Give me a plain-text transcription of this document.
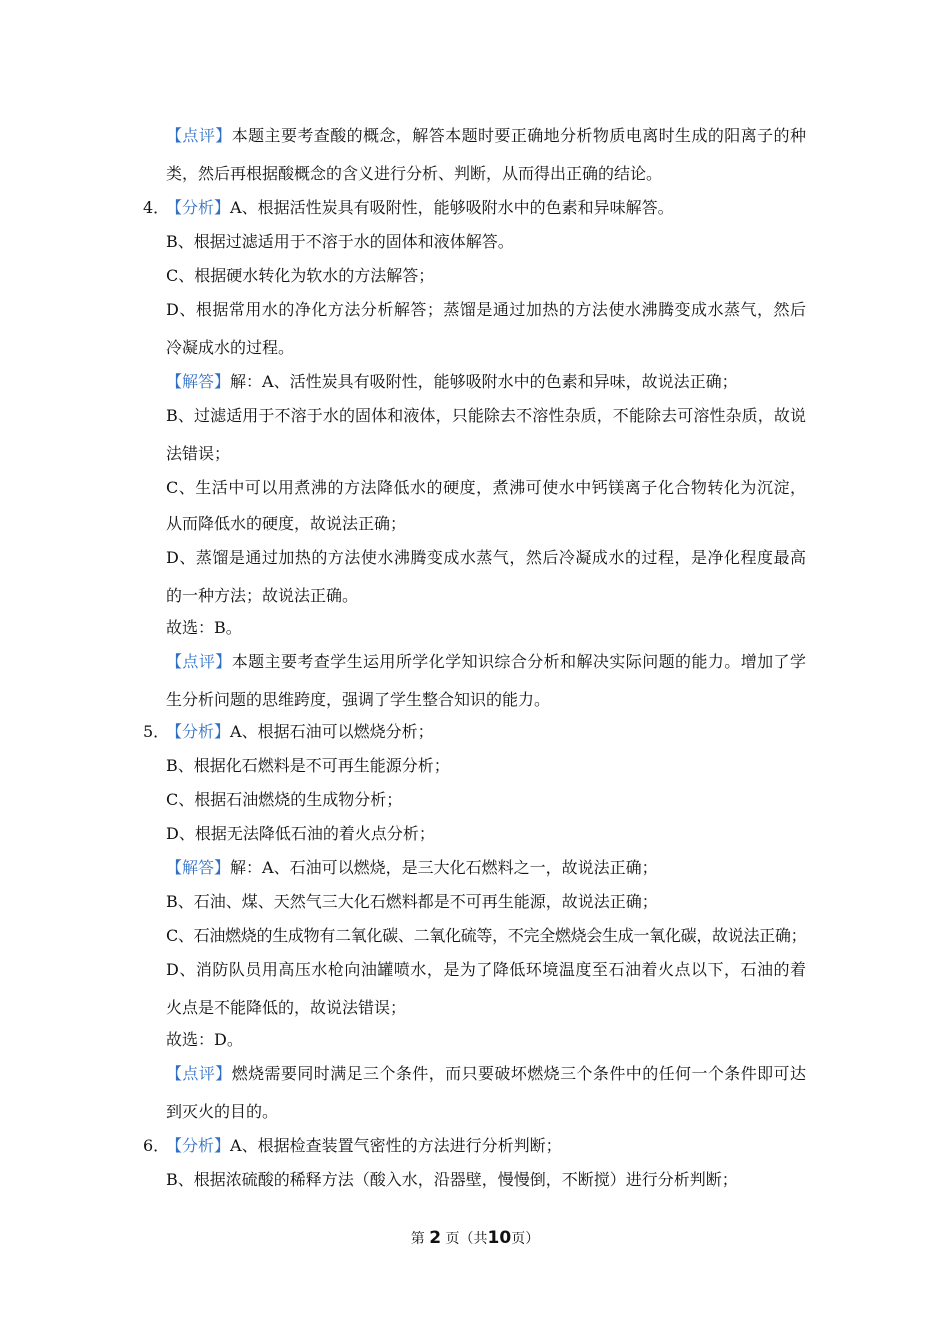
【点评】本题主要考查酸的概念，解答本题时要正确地分析物质电离时生成的阳离子的种
类，然后再根据酸概念的含义进行分析、判断，从而得出正确的结论。
4．
【分析】A、根据活性炭具有吸附性，能够吸附水中的色素和异味解答。
B、根据过滤适用于不溶于水的固体和液体解答。
C、根据硬水转化为软水的方法解答；
D、根据常用水的净化方法分析解答；蒸馏是通过加热的方法使水沸腾变成水蒸气，然后
冷凝成水的过程。
【解答】解：A、活性炭具有吸附性，能够吸附水中的色素和异味，故说法正确；
B、过滤适用于不溶于水的固体和液体，只能除去不溶性杂质，不能除去可溶性杂质，故说
法错误；
C、生活中可以用煮沸的方法降低水的硬度，煮沸可使水中钙镁离子化合物转化为沉淀，
从而降低水的硬度，故说法正确；
D、蒸馏是通过加热的方法使水沸腾变成水蒸气，然后冷凝成水的过程，是净化程度最高
的一种方法；故说法正确。
故选：B。
【点评】本题主要考查学生运用所学化学知识综合分析和解决实际问题的能力。增加了学
生分析问题的思维跨度，强调了学生整合知识的能力。
5．
【分析】A、根据石油可以燃烧分析；
B、根据化石燃料是不可再生能源分析；
C、根据石油燃烧的生成物分析；
D、根据无法降低石油的着火点分析；
【解答】解：A、石油可以燃烧，是三大化石燃料之一，故说法正确；
B、石油、煤、天然气三大化石燃料都是不可再生能源，故说法正确；
C、石油燃烧的生成物有二氧化碳、二氧化硫等，不完全燃烧会生成一氧化碳，故说法正确；
D、消防队员用高压水枪向油罐喷水，是为了降低环境温度至石油着火点以下，石油的着
火点是不能降低的，故说法错误；
故选：D。
【点评】燃烧需要同时满足三个条件，而只要破坏燃烧三个条件中的任何一个条件即可达
到灭火的目的。
6．
【分析】A、根据检查装置气密性的方法进行分析判断；
B、根据浓硫酸的稀释方法（酸入水，沿器壁，慢慢倒，不断搅）进行分析判断；
第 2 页（共10页）
